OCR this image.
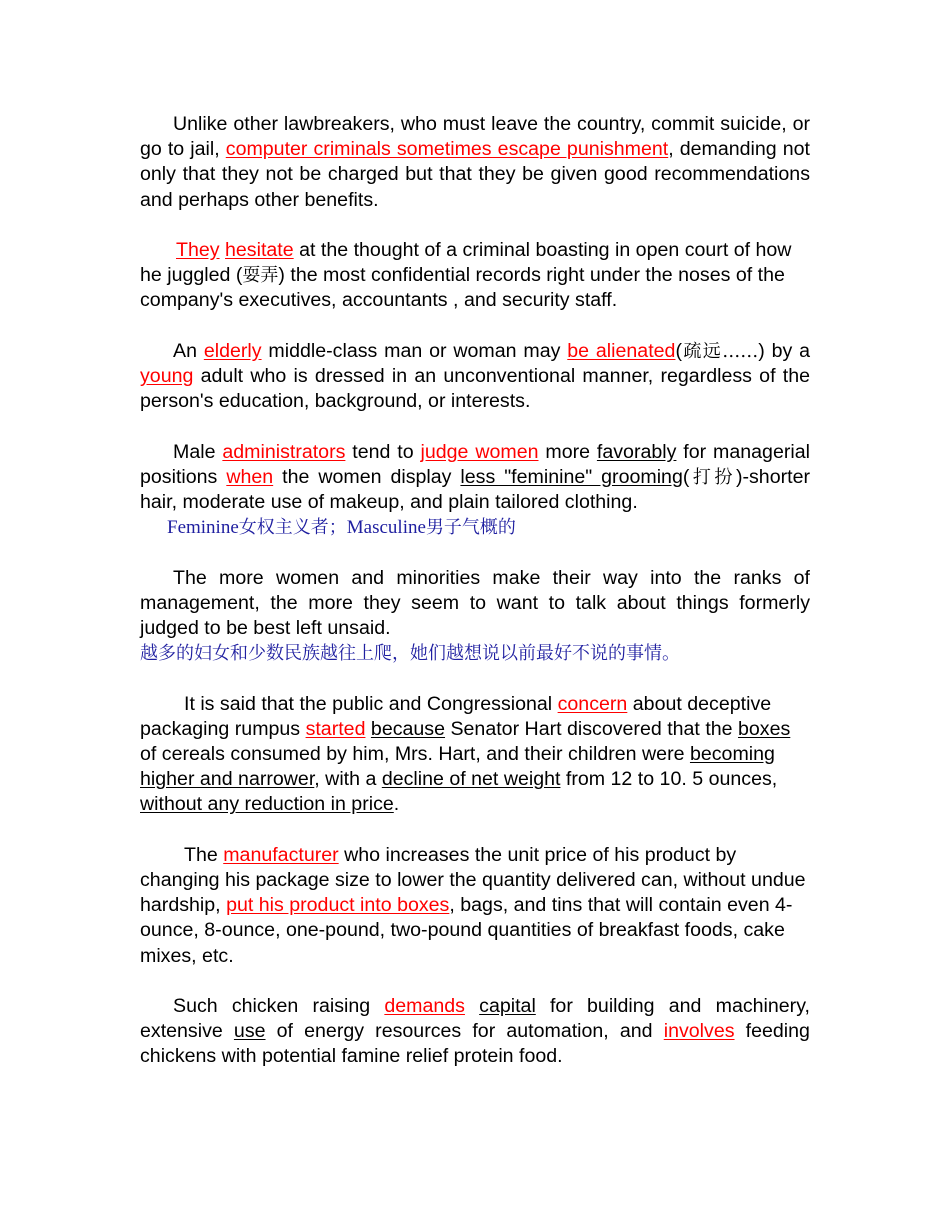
Unlike other lawbreakers, who must leave the country, commit suicide, or go to jail, computer criminals sometimes escape punishment, demanding not only that they not be charged but that they be given good recommendations and perhaps other benefits.

They hesitate at the thought of a criminal boasting in open court of how he juggled (耍弄) the most confidential records right under the noses of the company's executives, accountants , and security staff.

An elderly middle-class man or woman may be alienated(疏远……) by a young adult who is dressed in an unconventional manner, regardless of the person's education, background, or interests.

Male administrators tend to judge women more favorably for managerial positions when the women display less "feminine" grooming(打扮)-shorter hair, moderate use of makeup, and plain tailored clothing.

Feminine女权主义者；Masculine男子气概的

The more women and minorities make their way into the ranks of management, the more they seem to want to talk about things formerly judged to be best left unsaid.

越多的妇女和少数民族越往上爬，她们越想说以前最好不说的事情。

It is said that the public and Congressional concern about deceptive packaging rumpus started because Senator Hart discovered that the boxes of cereals consumed by him, Mrs. Hart, and their children were becoming higher and narrower, with a decline of net weight from 12 to 10. 5 ounces, without any reduction in price.

The manufacturer who increases the unit price of his product by changing his package size to lower the quantity delivered can, without undue hardship, put his product into boxes, bags, and tins that will contain even 4-ounce, 8-ounce, one-pound, two-pound quantities of breakfast foods, cake mixes, etc.

Such chicken raising demands capital for building and machinery, extensive use of energy resources for automation, and involves feeding chickens with potential famine relief protein food.
